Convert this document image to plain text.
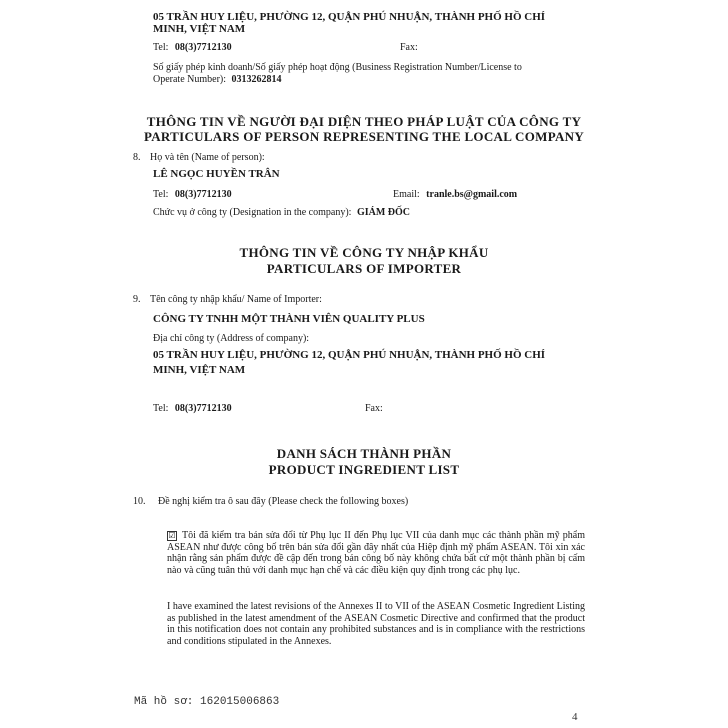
05 TRẦN HUY LIỆU, PHƯỜNG 12, QUẬN PHÚ NHUẬN, THÀNH PHỐ HỒ CHÍ
MINH, VIỆT NAM
Tel: 08(3)7712130	Fax:
Số giấy phép kinh doanh/Số giấy phép hoạt động (Business Registration Number/License to
Operate Number): 0313262814
THÔNG TIN VỀ NGƯỜI ĐẠI DIỆN THEO PHÁP LUẬT CỦA CÔNG TY
PARTICULARS OF PERSON REPRESENTING THE LOCAL COMPANY
8. Họ và tên (Name of person):
LÊ NGỌC HUYỀN TRÂN
Tel: 08(3)7712130	Email: tranle.bs@gmail.com
Chức vụ ở công ty (Designation in the company): GIÁM ĐỐC
THÔNG TIN VỀ CÔNG TY NHẬP KHẨU
PARTICULARS OF IMPORTER
9. Tên công ty nhập khẩu/ Name of Importer:
CÔNG TY TNHH MỘT THÀNH VIÊN QUALITY PLUS
Địa chỉ công ty (Address of company):
05 TRẦN HUY LIỆU, PHƯỜNG 12, QUẬN PHÚ NHUẬN, THÀNH PHỐ HỒ CHÍ
MINH, VIỆT NAM
Tel: 08(3)7712130	Fax:
DANH SÁCH THÀNH PHẦN
PRODUCT INGREDIENT LIST
10. Đề nghị kiểm tra ô sau đây (Please check the following boxes)
☑ Tôi đã kiểm tra bản sửa đổi từ Phụ lục II đến Phụ lục VII của danh mục các thành phần mỹ phẩm ASEAN như được công bố trên bản sửa đổi gần đây nhất của Hiệp định mỹ phẩm ASEAN. Tôi xin xác nhận rằng sản phẩm được đề cập đến trong bản công bố này không chứa bất cứ một thành phần bị cấm nào và cũng tuân thủ với danh mục hạn chế và các điều kiện quy định trong các phụ lục.
I have examined the latest revisions of the Annexes II to VII of the ASEAN Cosmetic Ingredient Listing as published in the latest amendment of the ASEAN Cosmetic Directive and confirmed that the product in this notification does not contain any prohibited substances and is in compliance with the restrictions and conditions stipulated in the Annexes.
Mã hồ sơ: 162015006863
4
